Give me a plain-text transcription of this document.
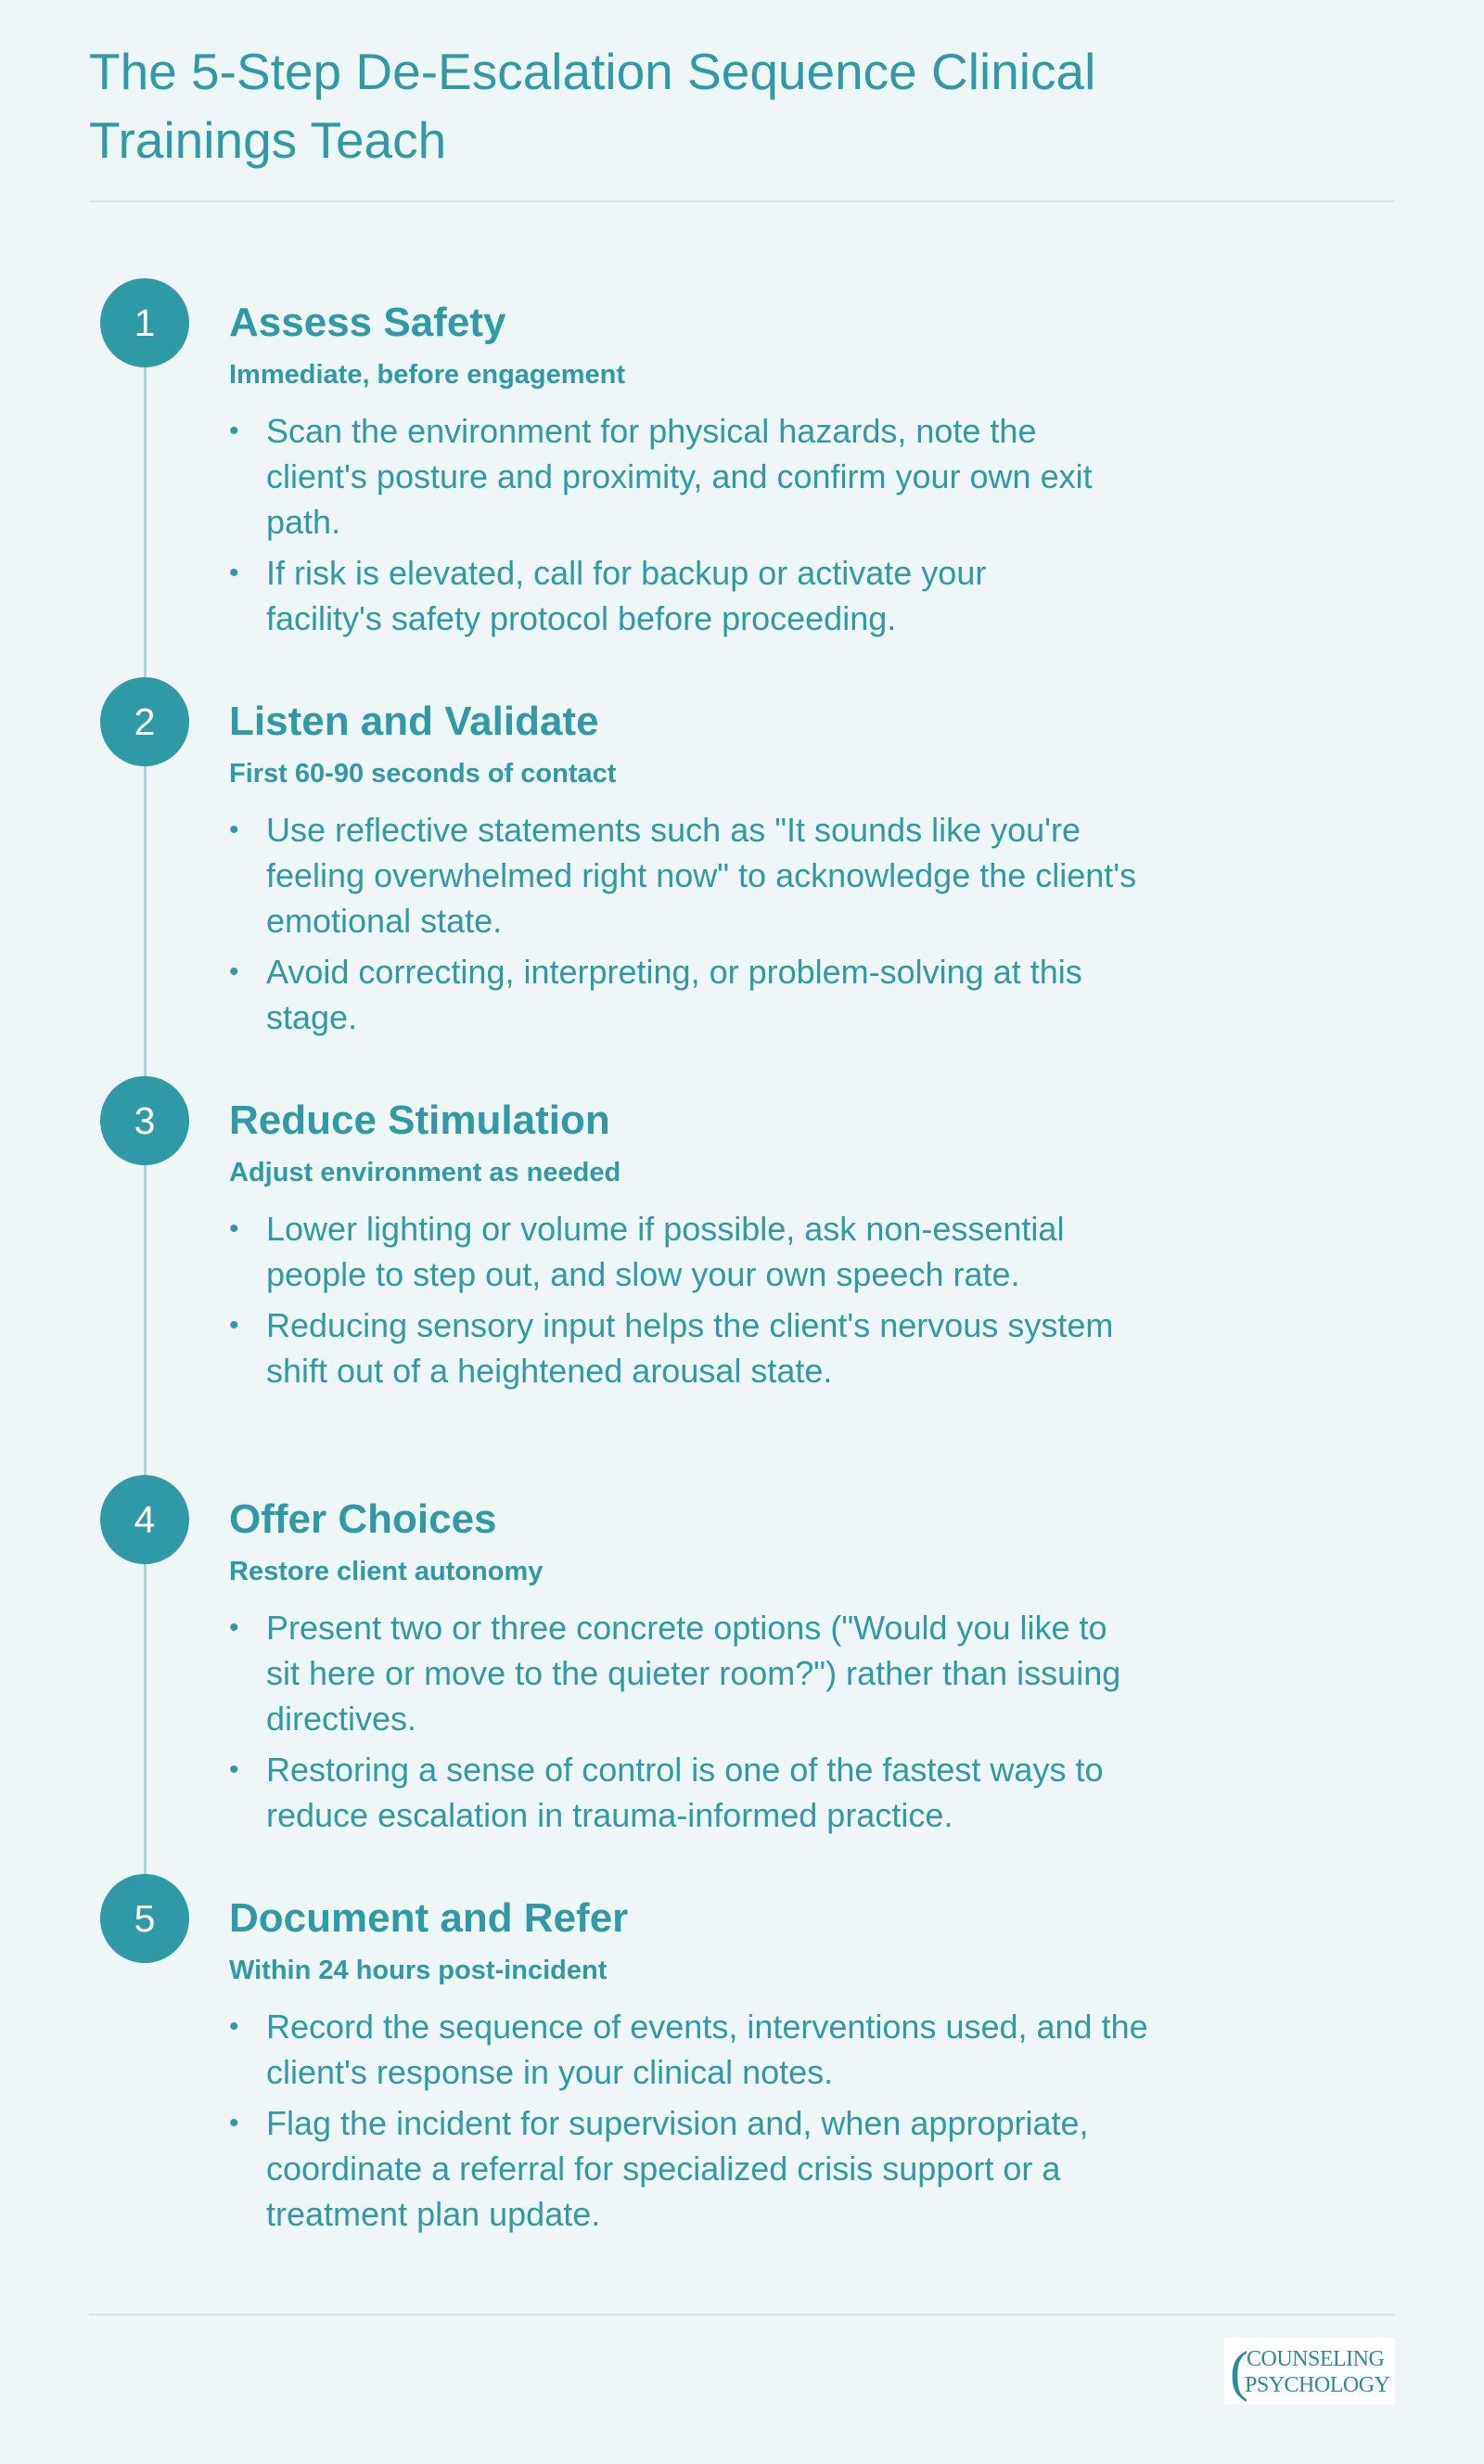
The 5-Step De-Escalation Sequence Clinical Trainings Teach
1	Assess Safety
Immediate, before engagement
• Scan the environment for physical hazards, note the client's posture and proximity, and confirm your own exit path.
• If risk is elevated, call for backup or activate your facility's safety protocol before proceeding.
2	Listen and Validate
First 60-90 seconds of contact
• Use reflective statements such as "It sounds like you're feeling overwhelmed right now" to acknowledge the client's emotional state.
• Avoid correcting, interpreting, or problem-solving at this stage.
3	Reduce Stimulation
Adjust environment as needed
• Lower lighting or volume if possible, ask non-essential people to step out, and slow your own speech rate.
• Reducing sensory input helps the client's nervous system shift out of a heightened arousal state.
4	Offer Choices
Restore client autonomy
• Present two or three concrete options ("Would you like to sit here or move to the quieter room?") rather than issuing directives.
• Restoring a sense of control is one of the fastest ways to reduce escalation in trauma-informed practice.
5	Document and Refer
Within 24 hours post-incident
• Record the sequence of events, interventions used, and the client's response in your clinical notes.
• Flag the incident for supervision and, when appropriate, coordinate a referral for specialized crisis support or a treatment plan update.
(
COUNSELING
PSYCHOLOGY
